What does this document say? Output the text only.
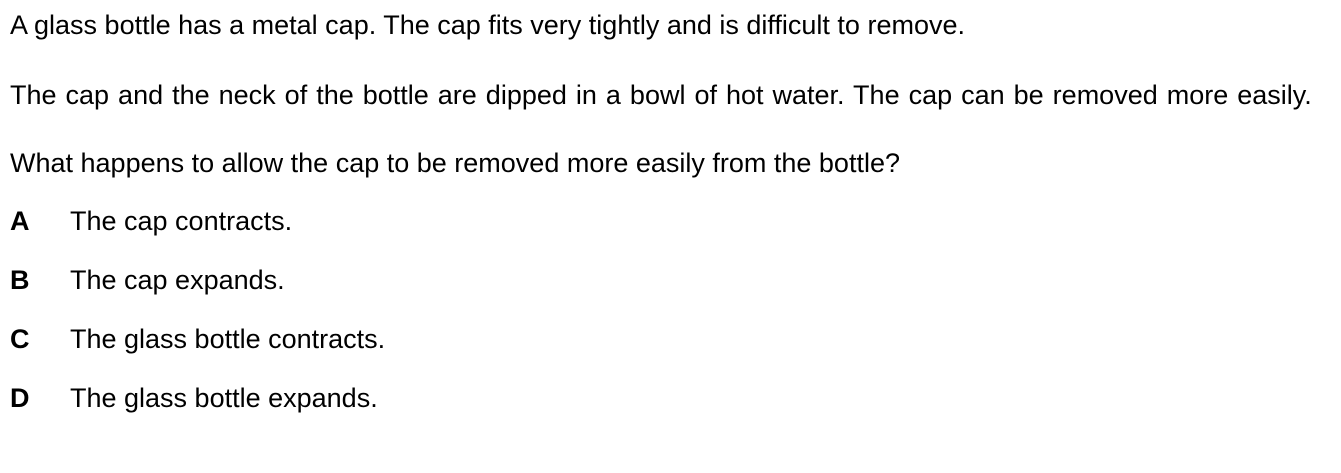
A glass bottle has a metal cap. The cap fits very tightly and is difficult to remove.

The cap and the neck of the bottle are dipped in a bowl of hot water. The cap can be removed more easily.

What happens to allow the cap to be removed more easily from the bottle?

A	The cap contracts.
B	The cap expands.
C	The glass bottle contracts.
D	The glass bottle expands.
